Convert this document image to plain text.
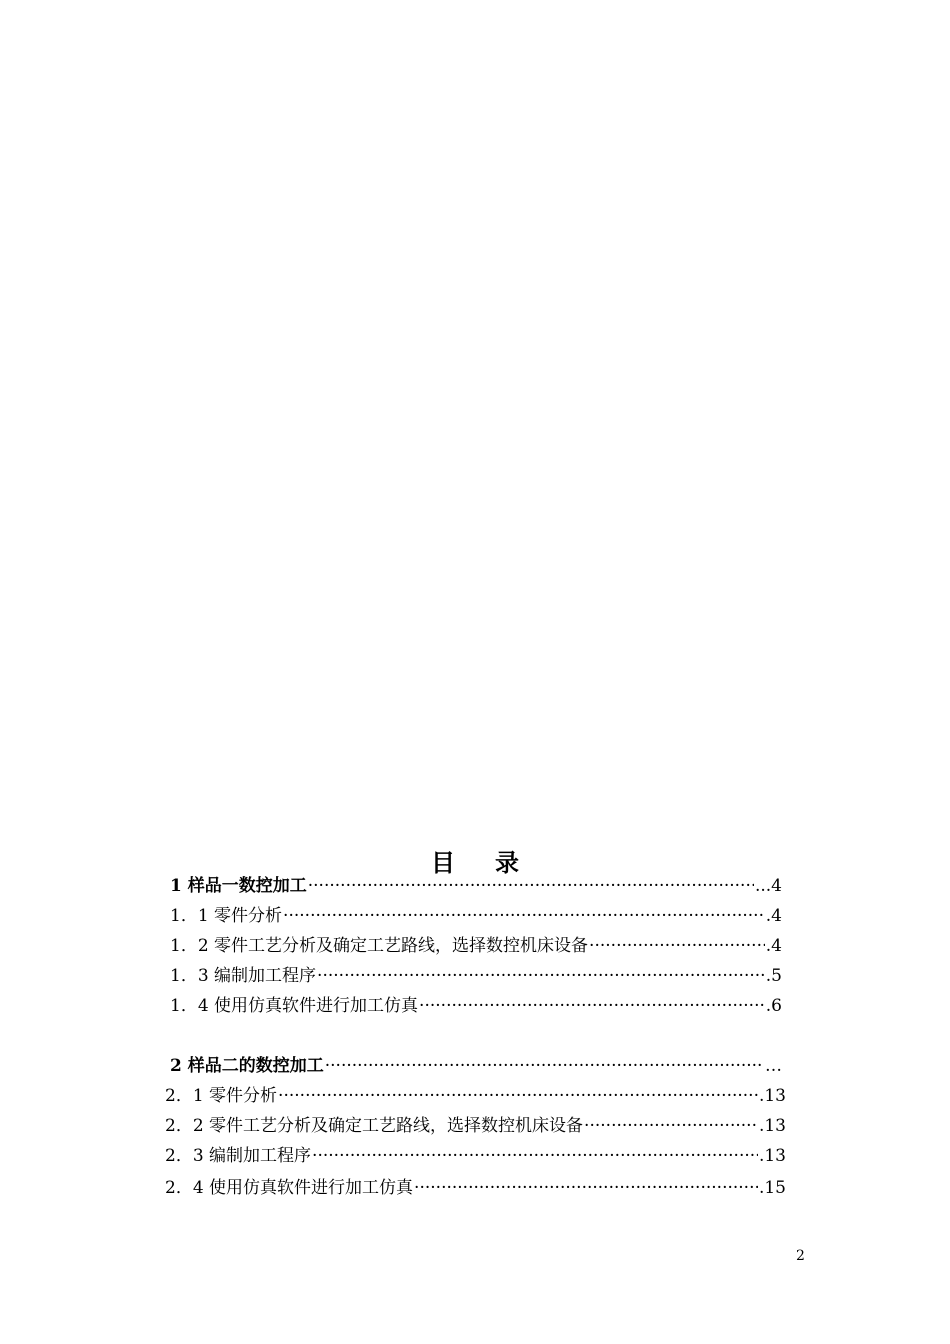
目录
1 样品一数控加工 ·····	...4
1．1 零件分析 ·····	.4
1．2 零件工艺分析及确定工艺路线，选择数控机床设备 ·····	.4
1．3 编制加工程序 ·····	.5
1．4 使用仿真软件进行加工仿真 ·····	.6
2 样品二的数控加工 ·····	…
2．1 零件分析 ·····	.13
2．2 零件工艺分析及确定工艺路线，选择数控机床设备 ·····	.13
2．3 编制加工程序 ·····	.13
2．4 使用仿真软件进行加工仿真 ·····	.15
2
